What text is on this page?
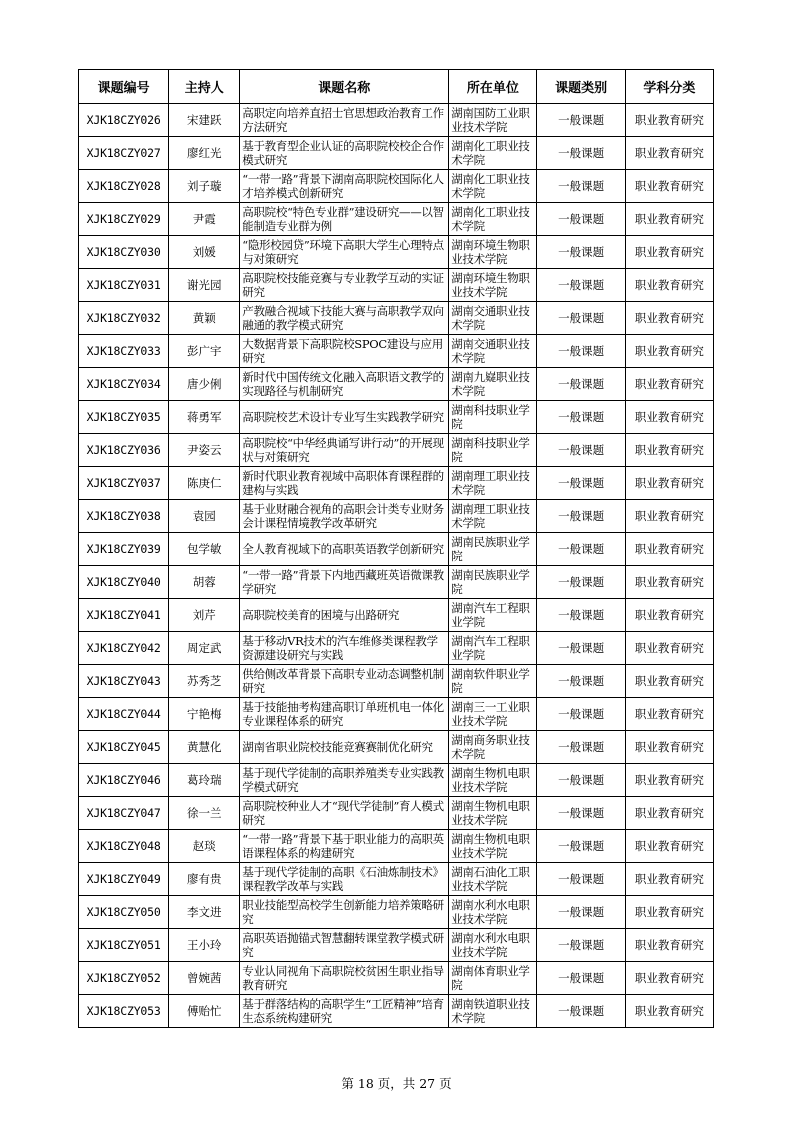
课题编号	主持人	课题名称	所在单位	课题类别	学科分类
XJK18CZY026	宋建跃	高职定向培养直招士官思想政治教育工作方法研究	湖南国防工业职业技术学院	一般课题	职业教育研究
XJK18CZY027	廖红光	基于教育型企业认证的高职院校校企合作模式研究	湖南化工职业技术学院	一般课题	职业教育研究
XJK18CZY028	刘子璇	“一带一路”背景下湖南高职院校国际化人才培养模式创新研究	湖南化工职业技术学院	一般课题	职业教育研究
XJK18CZY029	尹霞	高职院校“特色专业群”建设研究——以智能制造专业群为例	湖南化工职业技术学院	一般课题	职业教育研究
XJK18CZY030	刘媛	“隐形校园贷”环境下高职大学生心理特点与对策研究	湖南环境生物职业技术学院	一般课题	职业教育研究
XJK18CZY031	谢光园	高职院校技能竞赛与专业教学互动的实证研究	湖南环境生物职业技术学院	一般课题	职业教育研究
XJK18CZY032	黄颖	产教融合视域下技能大赛与高职教学双向融通的教学模式研究	湖南交通职业技术学院	一般课题	职业教育研究
XJK18CZY033	彭广宇	大数据背景下高职院校SPOC建设与应用研究	湖南交通职业技术学院	一般课题	职业教育研究
XJK18CZY034	唐少俐	新时代中国传统文化融入高职语文教学的实现路径与机制研究	湖南九嶷职业技术学院	一般课题	职业教育研究
XJK18CZY035	蒋勇军	高职院校艺术设计专业写生实践教学研究	湖南科技职业学院	一般课题	职业教育研究
XJK18CZY036	尹姿云	高职院校“中华经典诵写讲行动”的开展现状与对策研究	湖南科技职业学院	一般课题	职业教育研究
XJK18CZY037	陈庚仁	新时代职业教育视域中高职体育课程群的建构与实践	湖南理工职业技术学院	一般课题	职业教育研究
XJK18CZY038	袁园	基于业财融合视角的高职会计类专业财务会计课程情境教学改革研究	湖南理工职业技术学院	一般课题	职业教育研究
XJK18CZY039	包学敏	全人教育视域下的高职英语教学创新研究	湖南民族职业学院	一般课题	职业教育研究
XJK18CZY040	胡蓉	“一带一路”背景下内地西藏班英语微课教学研究	湖南民族职业学院	一般课题	职业教育研究
XJK18CZY041	刘芹	高职院校美育的困境与出路研究	湖南汽车工程职业学院	一般课题	职业教育研究
XJK18CZY042	周定武	基于移动VR技术的汽车维修类课程教学资源建设研究与实践	湖南汽车工程职业学院	一般课题	职业教育研究
XJK18CZY043	苏秀芝	供给侧改革背景下高职专业动态调整机制研究	湖南软件职业学院	一般课题	职业教育研究
XJK18CZY044	宁艳梅	基于技能抽考构建高职订单班机电一体化专业课程体系的研究	湖南三一工业职业技术学院	一般课题	职业教育研究
XJK18CZY045	黄慧化	湖南省职业院校技能竞赛赛制优化研究	湖南商务职业技术学院	一般课题	职业教育研究
XJK18CZY046	葛玲瑞	基于现代学徒制的高职养殖类专业实践教学模式研究	湖南生物机电职业技术学院	一般课题	职业教育研究
XJK18CZY047	徐一兰	高职院校种业人才“现代学徒制”育人模式研究	湖南生物机电职业技术学院	一般课题	职业教育研究
XJK18CZY048	赵琰	“一带一路”背景下基于职业能力的高职英语课程体系的构建研究	湖南生物机电职业技术学院	一般课题	职业教育研究
XJK18CZY049	廖有贵	基于现代学徒制的高职《石油炼制技术》课程教学改革与实践	湖南石油化工职业技术学院	一般课题	职业教育研究
XJK18CZY050	李文进	职业技能型高校学生创新能力培养策略研究	湖南水利水电职业技术学院	一般课题	职业教育研究
XJK18CZY051	王小玲	高职英语抛锚式智慧翻转课堂教学模式研究	湖南水利水电职业技术学院	一般课题	职业教育研究
XJK18CZY052	曾婉茜	专业认同视角下高职院校贫困生职业指导教育研究	湖南体育职业学院	一般课题	职业教育研究
XJK18CZY053	傅贻忙	基于群落结构的高职学生“工匠精神”培育生态系统构建研究	湖南铁道职业技术学院	一般课题	职业教育研究
第 18 页，共 27 页
